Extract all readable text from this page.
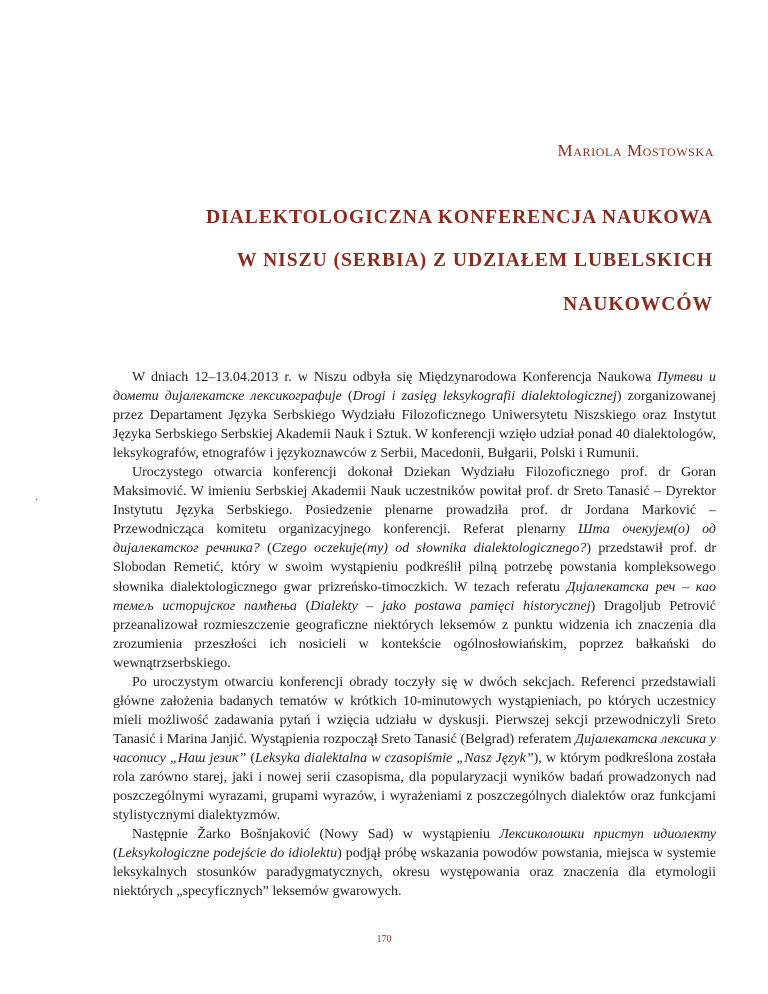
Mariola Mostowska
DIALEKTOLOGICZNA KONFERENCJA NAUKOWA
W NISZU (SERBIA) Z UDZIAŁEM LUBELSKICH
NAUKOWCÓW
·

W dniach 12–13.04.2013 r. w Niszu odbyła się Międzynarodowa Konferencja Naukowa Путеви и домети дијалекатске лексикографије (Drogi i zasięg leksykografii dialektologicznej) zorganizowanej przez Departament Języka Serbskiego Wydziału Filozoficznego Uniwersytetu Niszskiego oraz Instytut Języka Serbskiego Serbskiej Akademii Nauk i Sztuk. W konferencji wzięło udział ponad 40 dialektologów, leksykografów, etnografów i językoznawców z Serbii, Macedonii, Bułgarii, Polski i Rumunii.

Uroczystego otwarcia konferencji dokonał Dziekan Wydziału Filozoficznego prof. dr Goran Maksimović. W imieniu Serbskiej Akademii Nauk uczestników powitał prof. dr Sreto Tanasić – Dyrektor Instytutu Języka Serbskiego. Posiedzenie plenarne prowadziła prof. dr Jordana Marković – Przewodnicząca komitetu organizacyjnego konferencji. Referat plenarny Шта очекујем(о) од дијалекатског речника? (Czego oczekuje(my) od słownika dialektologicznego?) przedstawił prof. dr Slobodan Remetić, który w swoim wystąpieniu podkreślił pilną potrzebę powstania kompleksowego słownika dialektologicznego gwar prizreńsko-timoczkich. W tezach referatu Дијалекатска реч – као темељ историјског памћења (Dialekty – jako postawa pamięci historycznej) Dragoljub Petrović przeanalizował rozmieszczenie geograficzne niektórych leksemów z punktu widzenia ich znaczenia dla zrozumienia przeszłości ich nosicieli w kontekście ogólnosłowiańskim, poprzez bałkański do wewnątrzserbskiego.

Po uroczystym otwarciu konferencji obrady toczyły się w dwóch sekcjach. Referenci przedstawiali główne założenia badanych tematów w krótkich 10-minutowych wystąpieniach, po których uczestnicy mieli możliwość zadawania pytań i wzięcia udziału w dyskusji. Pierwszej sekcji przewodniczyli Sreto Tanasić i Marina Janjić. Wystąpienia rozpoczął Sreto Tanasić (Belgrad) referatem Дијалекатска лексика у часопису „Наш језик” (Leksyka dialektalna w czasopiśmie „Nasz Język”), w którym podkreślona została rola zarówno starej, jaki i nowej serii czasopisma, dla popularyzacji wyników badań prowadzonych nad poszczególnymi wyrazami, grupami wyrazów, i wyrażeniami z poszczególnych dialektów oraz funkcjami stylistycznymi dialektyzmów.

Następnie Žarko Bošnjaković (Nowy Sad) w wystąpieniu Лексиколошки приступ идиолекту (Leksykologiczne podejście do idiolektu) podjął próbę wskazania powodów powstania, miejsca w systemie leksykalnych stosunków paradygmatycznych, okresu występowania oraz znaczenia dla etymologii niektórych „specyficznych” leksemów gwarowych.

170
